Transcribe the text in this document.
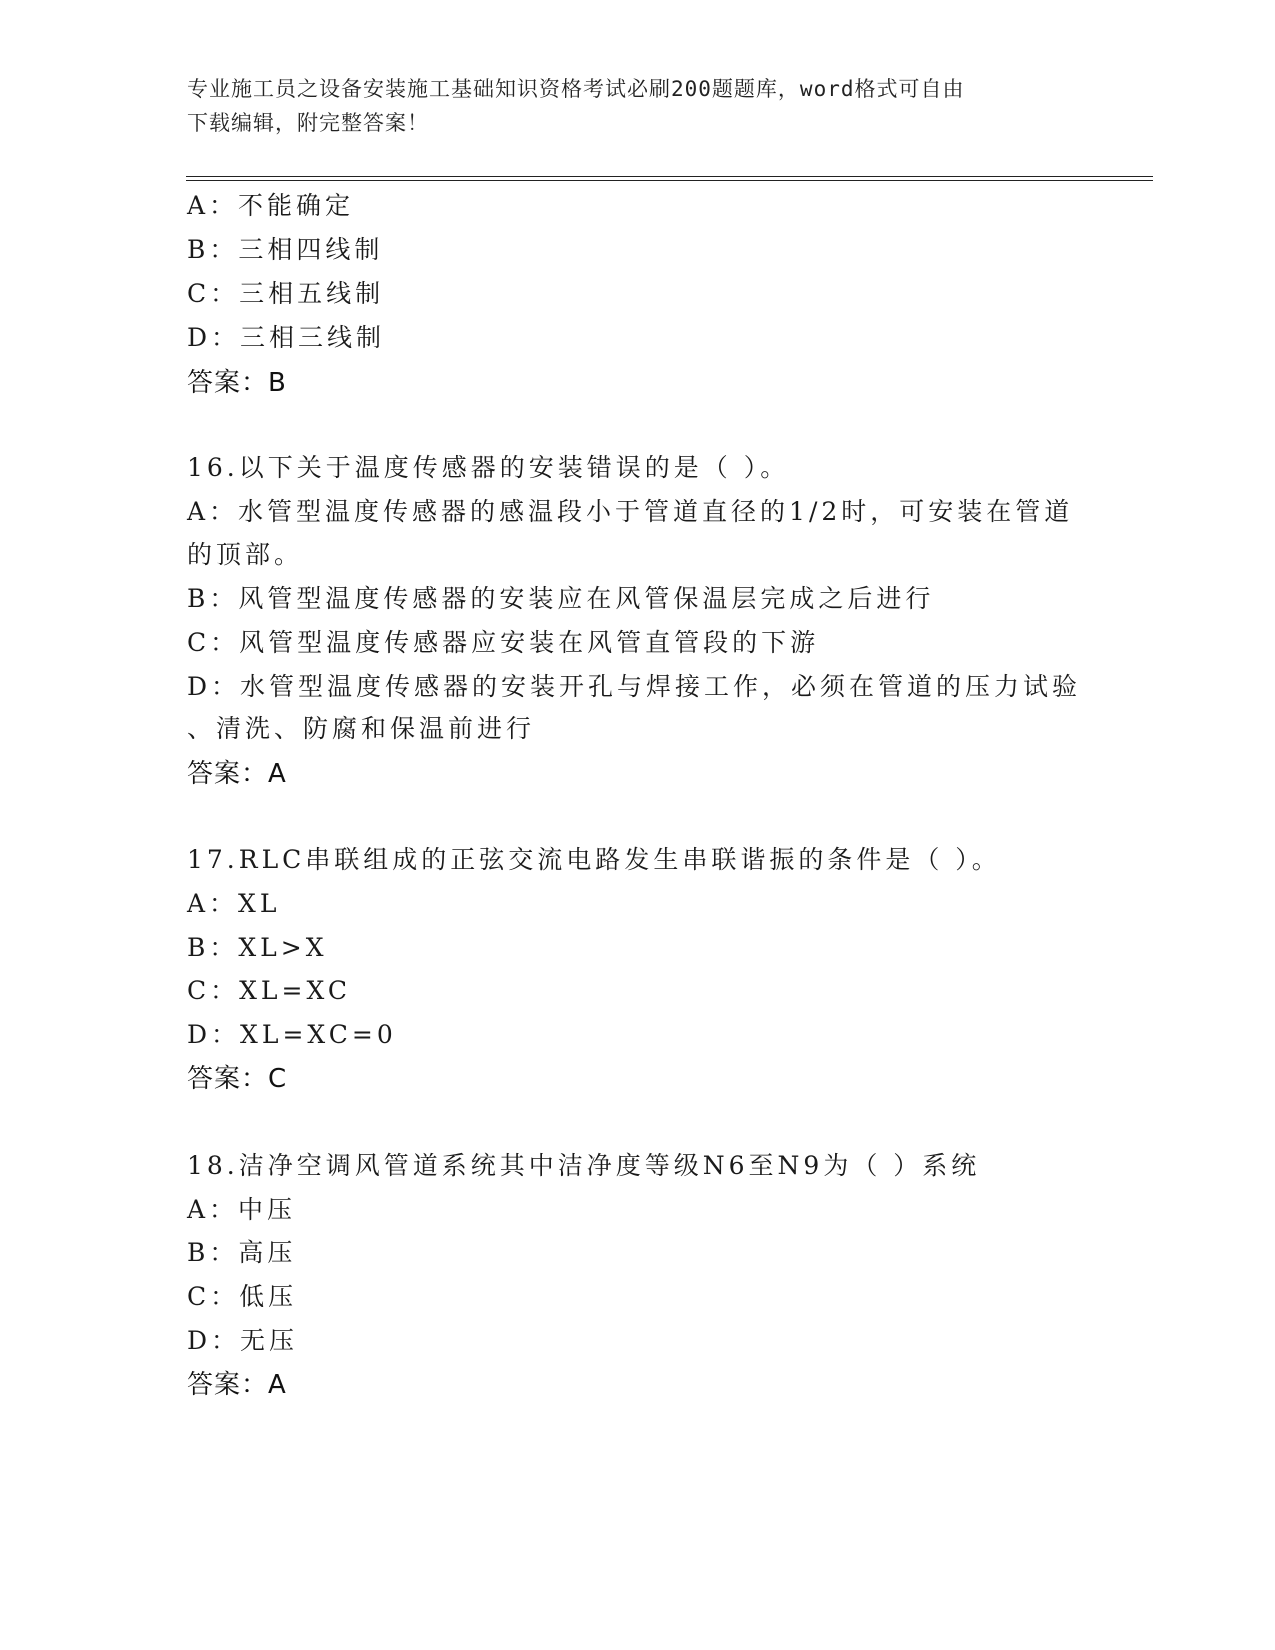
专业施工员之设备安装施工基础知识资格考试必刷200题题库，word格式可自由
下载编辑，附完整答案！
A：不能确定
B：三相四线制
C：三相五线制
D：三相三线制
答案：B
16.以下关于温度传感器的安装错误的是（ ）。
A：水管型温度传感器的感温段小于管道直径的1/2时，可安装在管道
的顶部。
B：风管型温度传感器的安装应在风管保温层完成之后进行
C：风管型温度传感器应安装在风管直管段的下游
D：水管型温度传感器的安装开孔与焊接工作，必须在管道的压力试验
、清洗、防腐和保温前进行
答案：A
17.RLC串联组成的正弦交流电路发生串联谐振的条件是（ ）。
A：XL
B：XL>X
C：XL=XC
D：XL=XC=0
答案：C
18.洁净空调风管道系统其中洁净度等级N6至N9为（ ）系统
A：中压
B：高压
C：低压
D：无压
答案：A
